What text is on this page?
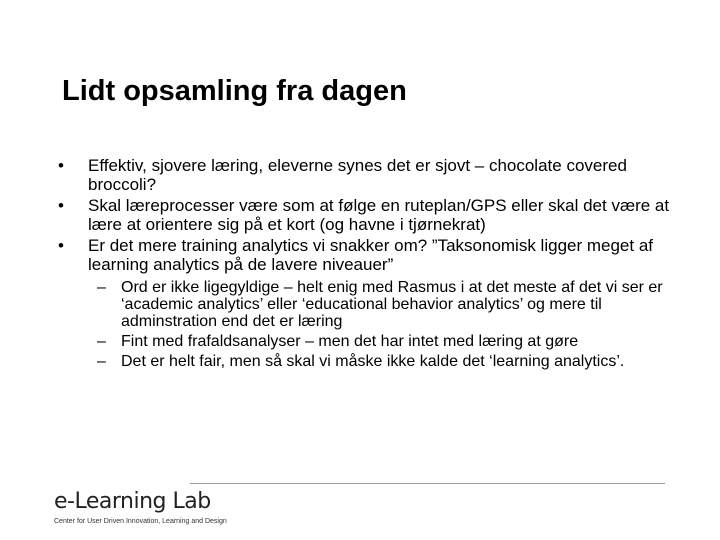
Lidt opsamling fra dagen
•	Effektiv, sjovere læring, eleverne synes det er sjovt – chocolate covered broccoli?
•	Skal læreprocesser være som at følge en ruteplan/GPS eller skal det være at lære at orientere sig på et kort (og havne i tjørnekrat)
•	Er det mere training analytics vi snakker om? ”Taksonomisk ligger meget af learning analytics på de lavere niveauer”
– Ord er ikke ligegyldige – helt enig med Rasmus i at det meste af det vi ser er ‘academic analytics’ eller ‘educational behavior analytics’ og mere til adminstration end det er læring
– Fint med frafaldsanalyser – men det har intet med læring at gøre
– Det er helt fair, men så skal vi måske ikke kalde det ‘learning analytics’.
e-Learning Lab
Center for User Driven Innovation, Learning and Design
